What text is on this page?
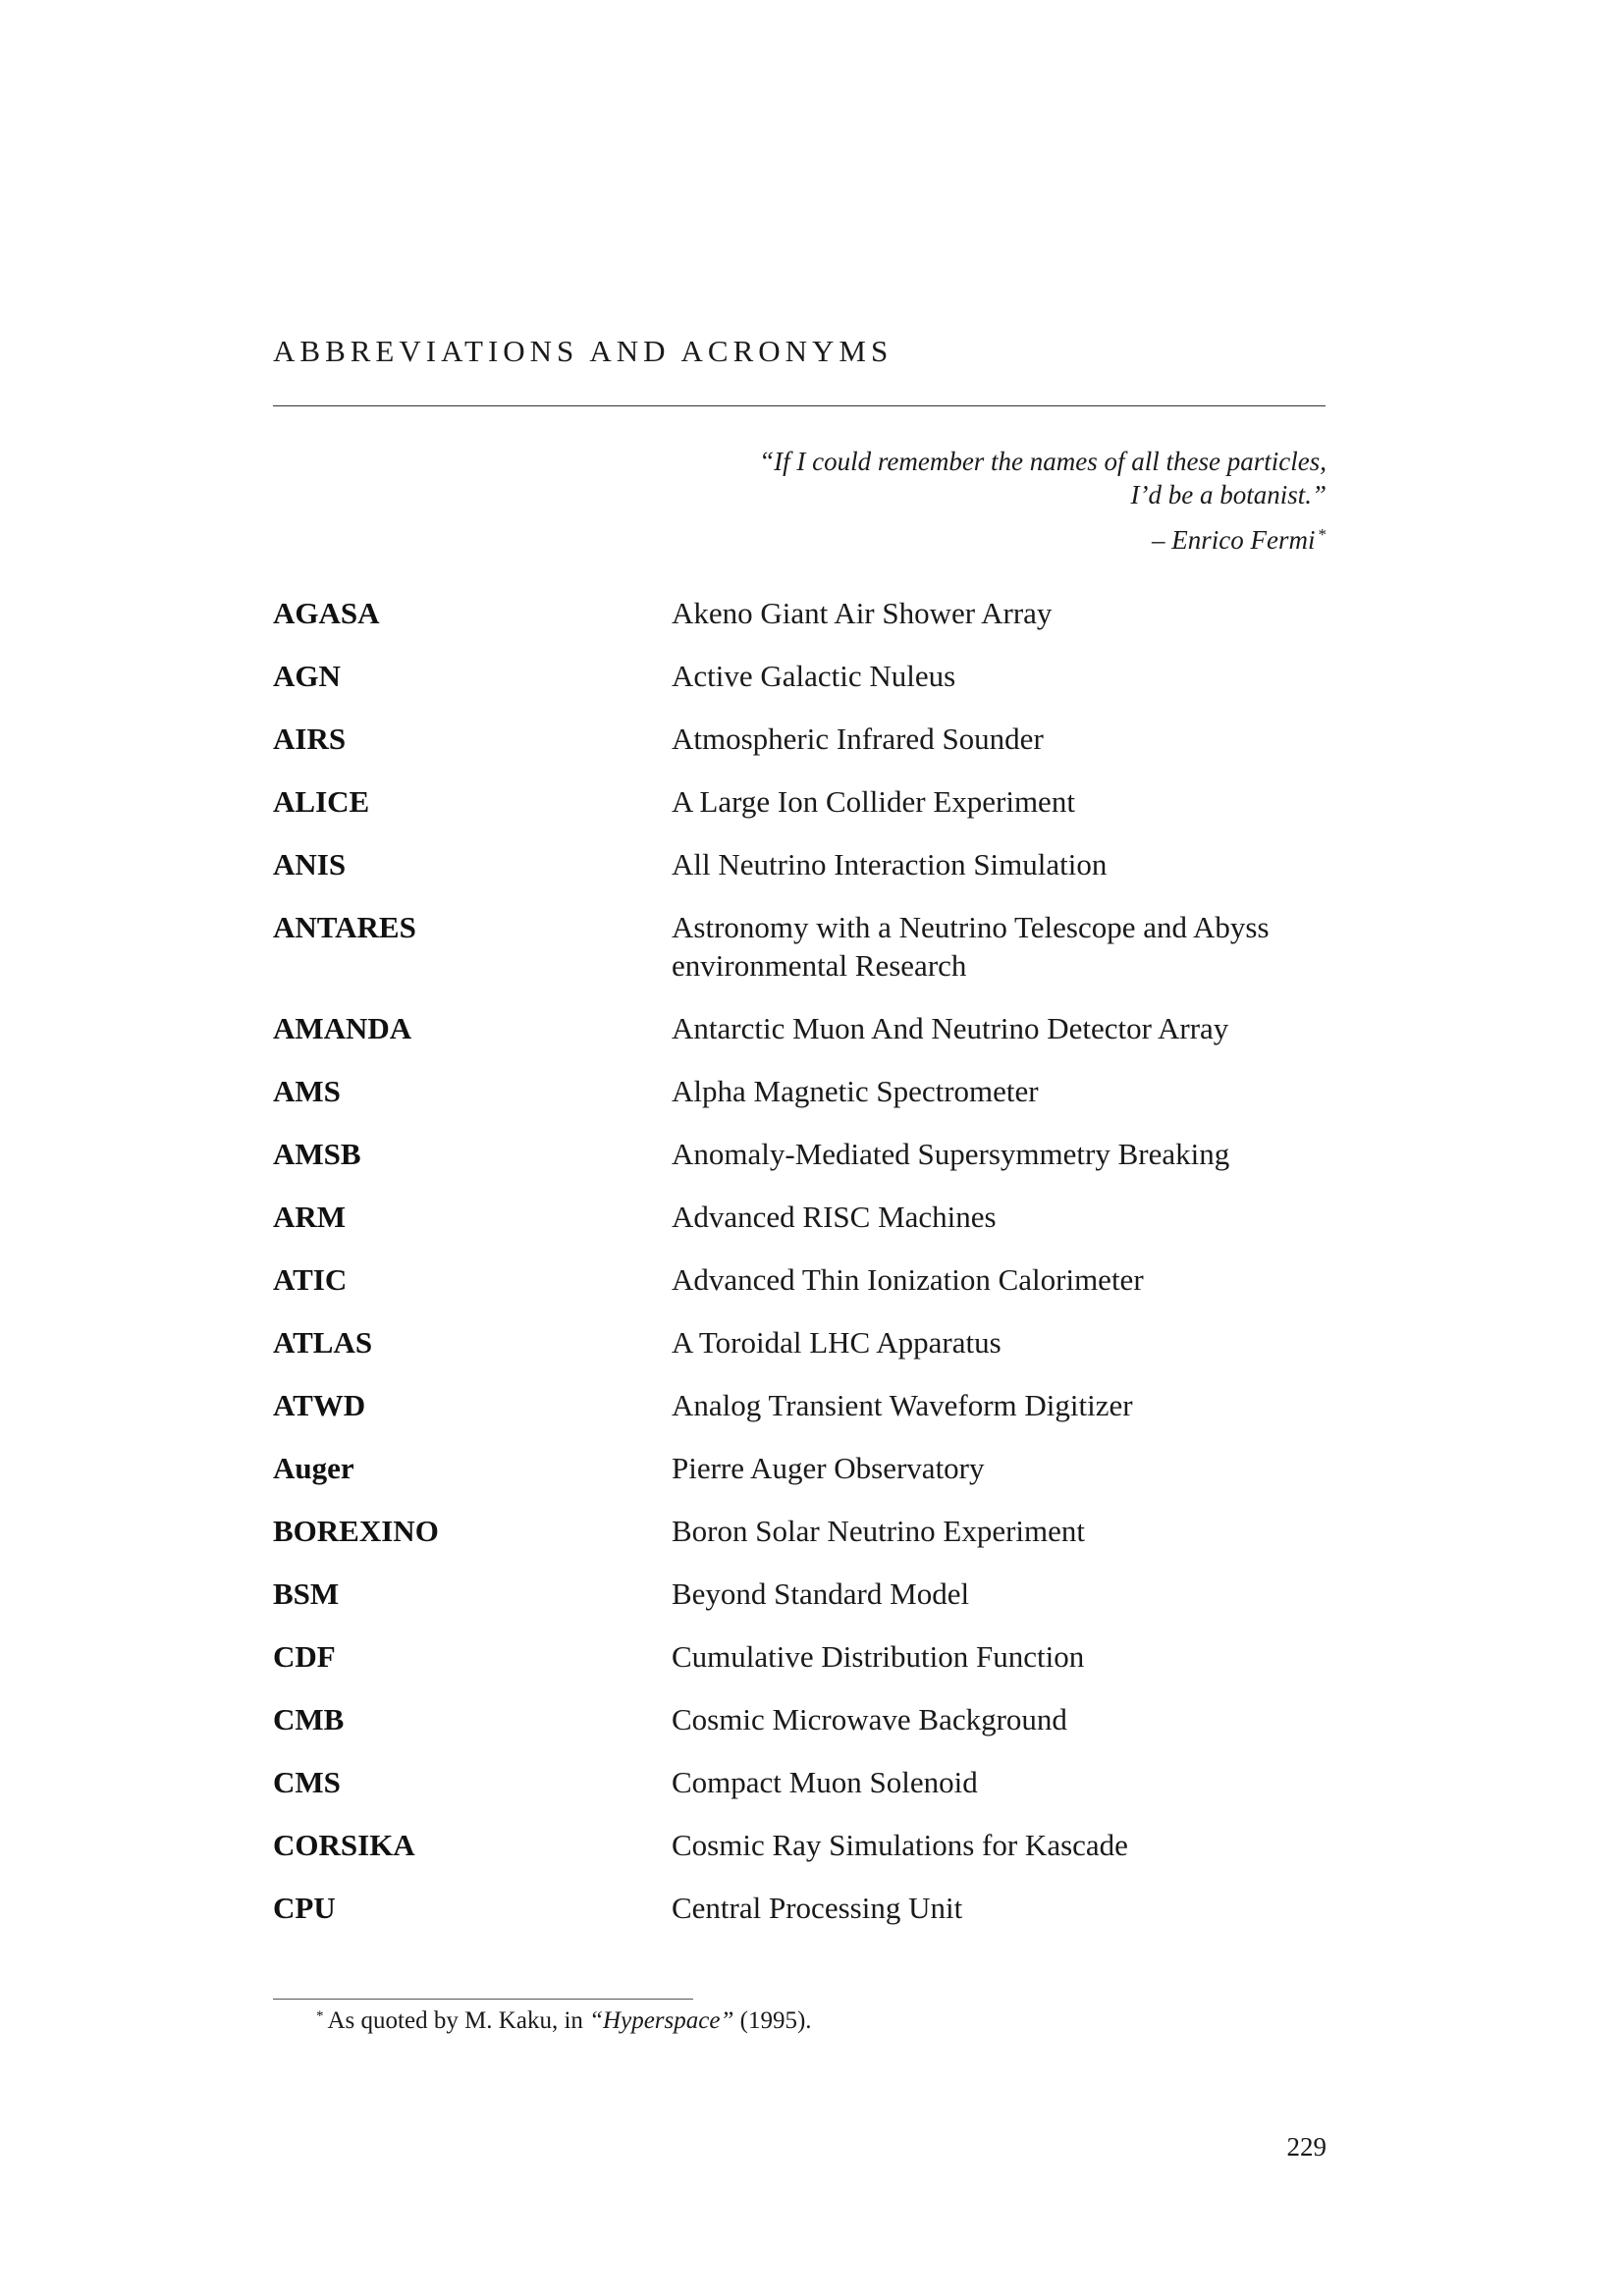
ABBREVIATIONS AND ACRONYMS
“If I could remember the names of all these particles,
I’d be a botanist.”
– Enrico Fermi *
AGASA	Akeno Giant Air Shower Array
AGN	Active Galactic Nuleus
AIRS	Atmospheric Infrared Sounder
ALICE	A Large Ion Collider Experiment
ANIS	All Neutrino Interaction Simulation
ANTARES	Astronomy with a Neutrino Telescope and Abyss environmental Research
AMANDA	Antarctic Muon And Neutrino Detector Array
AMS	Alpha Magnetic Spectrometer
AMSB	Anomaly-Mediated Supersymmetry Breaking
ARM	Advanced RISC Machines
ATIC	Advanced Thin Ionization Calorimeter
ATLAS	A Toroidal LHC Apparatus
ATWD	Analog Transient Waveform Digitizer
Auger	Pierre Auger Observatory
BOREXINO	Boron Solar Neutrino Experiment
BSM	Beyond Standard Model
CDF	Cumulative Distribution Function
CMB	Cosmic Microwave Background
CMS	Compact Muon Solenoid
CORSIKA	Cosmic Ray Simulations for Kascade
CPU	Central Processing Unit
* As quoted by M. Kaku, in “Hyperspace” (1995).
229
